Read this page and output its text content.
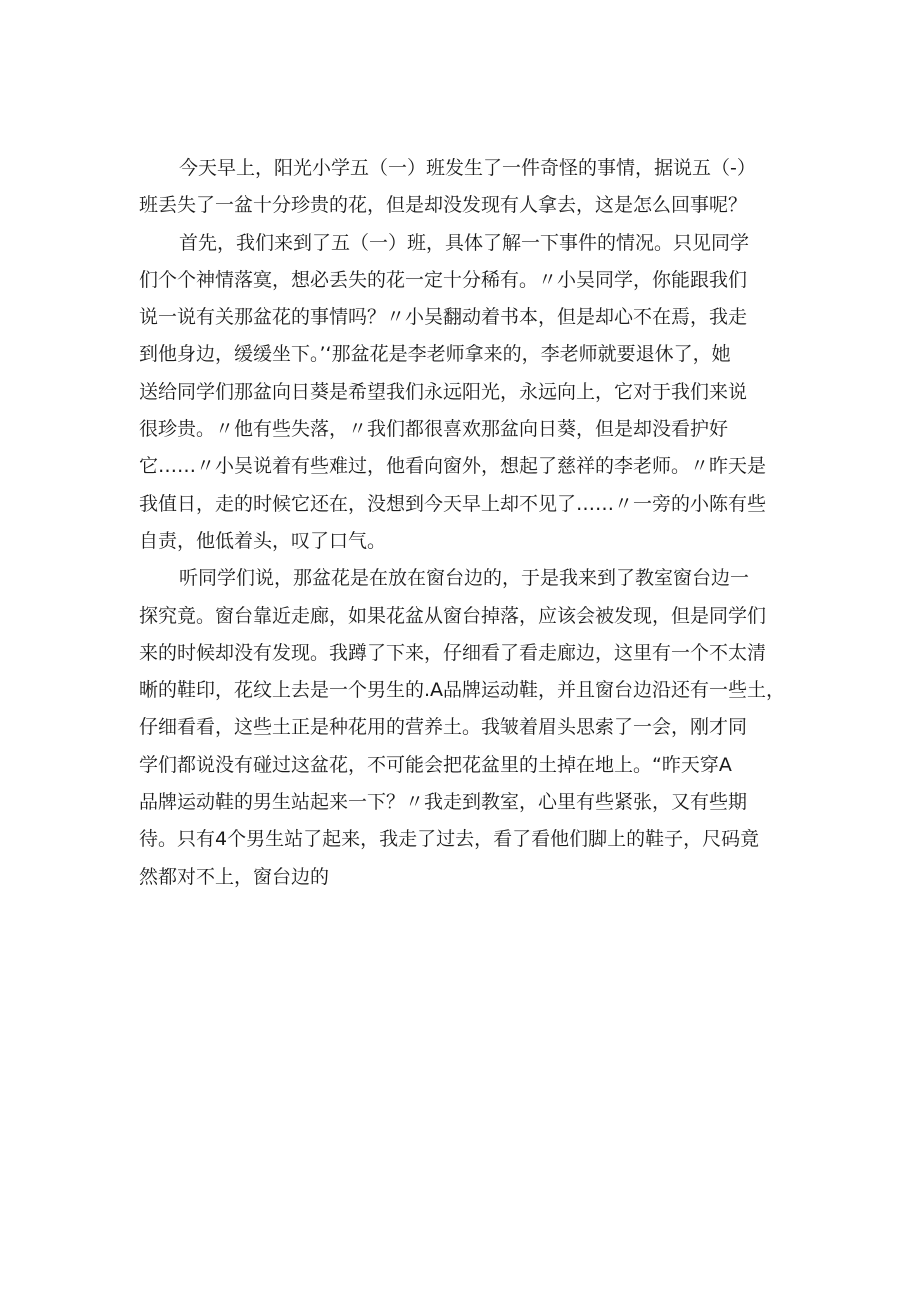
今天早上，阳光小学五（一）班发生了一件奇怪的事情，据说五（-）
班丢失了一盆十分珍贵的花，但是却没发现有人拿去，这是怎么回事呢？
首先，我们来到了五（一）班，具体了解一下事件的情况。只见同学
们个个神情落寞，想必丢失的花一定十分稀有。〃小吴同学，你能跟我们
说一说有关那盆花的事情吗？〃小吴翻动着书本，但是却心不在焉，我走
到他身边，缓缓坐下。’‘那盆花是李老师拿来的，李老师就要退休了，她
送给同学们那盆向日葵是希望我们永远阳光，永远向上，它对于我们来说
很珍贵。〃他有些失落，〃我们都很喜欢那盆向日葵，但是却没看护好
它……〃小吴说着有些难过，他看向窗外，想起了慈祥的李老师。〃昨天是
我值日，走的时候它还在，没想到今天早上却不见了……〃一旁的小陈有些
自责，他低着头，叹了口气。
听同学们说，那盆花是在放在窗台边的，于是我来到了教室窗台边一
探究竟。窗台靠近走廊，如果花盆从窗台掉落，应该会被发现，但是同学们
来的时候却没有发现。我蹲了下来，仔细看了看走廊边，这里有一个不太清
晰的鞋印，花纹上去是一个男生的.A品牌运动鞋，并且窗台边沿还有一些土，
仔细看看，这些土正是种花用的营养土。我皱着眉头思索了一会，刚才同
学们都说没有碰过这盆花，不可能会把花盆里的土掉在地上。“昨天穿A
品牌运动鞋的男生站起来一下？〃我走到教室，心里有些紧张，又有些期
待。只有4个男生站了起来，我走了过去，看了看他们脚上的鞋子，尺码竟
然都对不上，窗台边的
